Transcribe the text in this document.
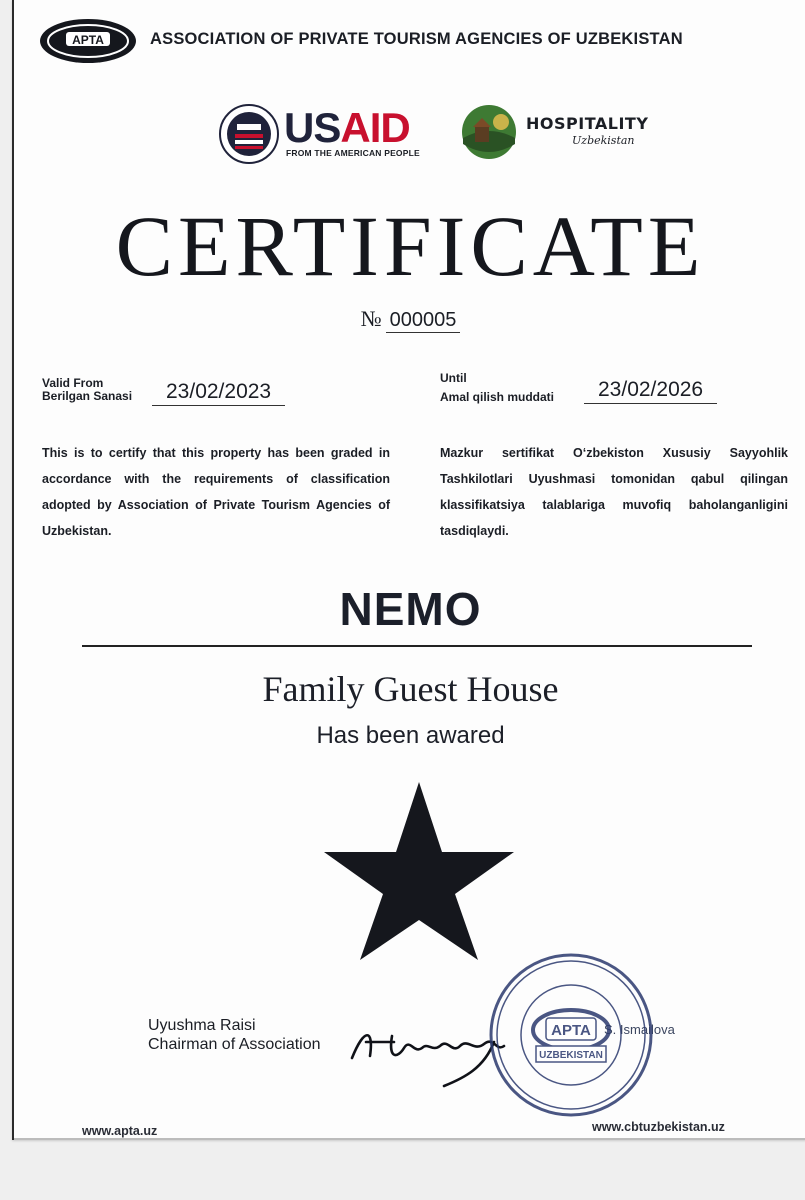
APTA	ASSOCIATION OF PRIVATE TOURISM AGENCIES OF UZBEKISTAN
USAID
FROM THE AMERICAN PEOPLE
HOSPITALITY
Uzbekistan
CERTIFICATE
№ 000005
Valid From
Berilgan Sanasi	23/02/2023
Until
Amal qilish muddati	23/02/2026
This is to certify that this property has been graded in accordance with the requirements of classification adopted by Association of Private Tourism Agencies of Uzbekistan.
Mazkur sertifikat O‘zbekiston Xususiy Sayyohlik Tashkilotlari Uyushmasi tomonidan qabul qilingan klassifikatsiya talablariga muvofiq baholanganligini tasdiqlaydi.
NEMO
Family Guest House
Has been awared
Uyushma Raisi
Chairman of Association
S. Ismailova
APTA
UZBEKISTAN
www.apta.uz	www.cbtuzbekistan.uz
